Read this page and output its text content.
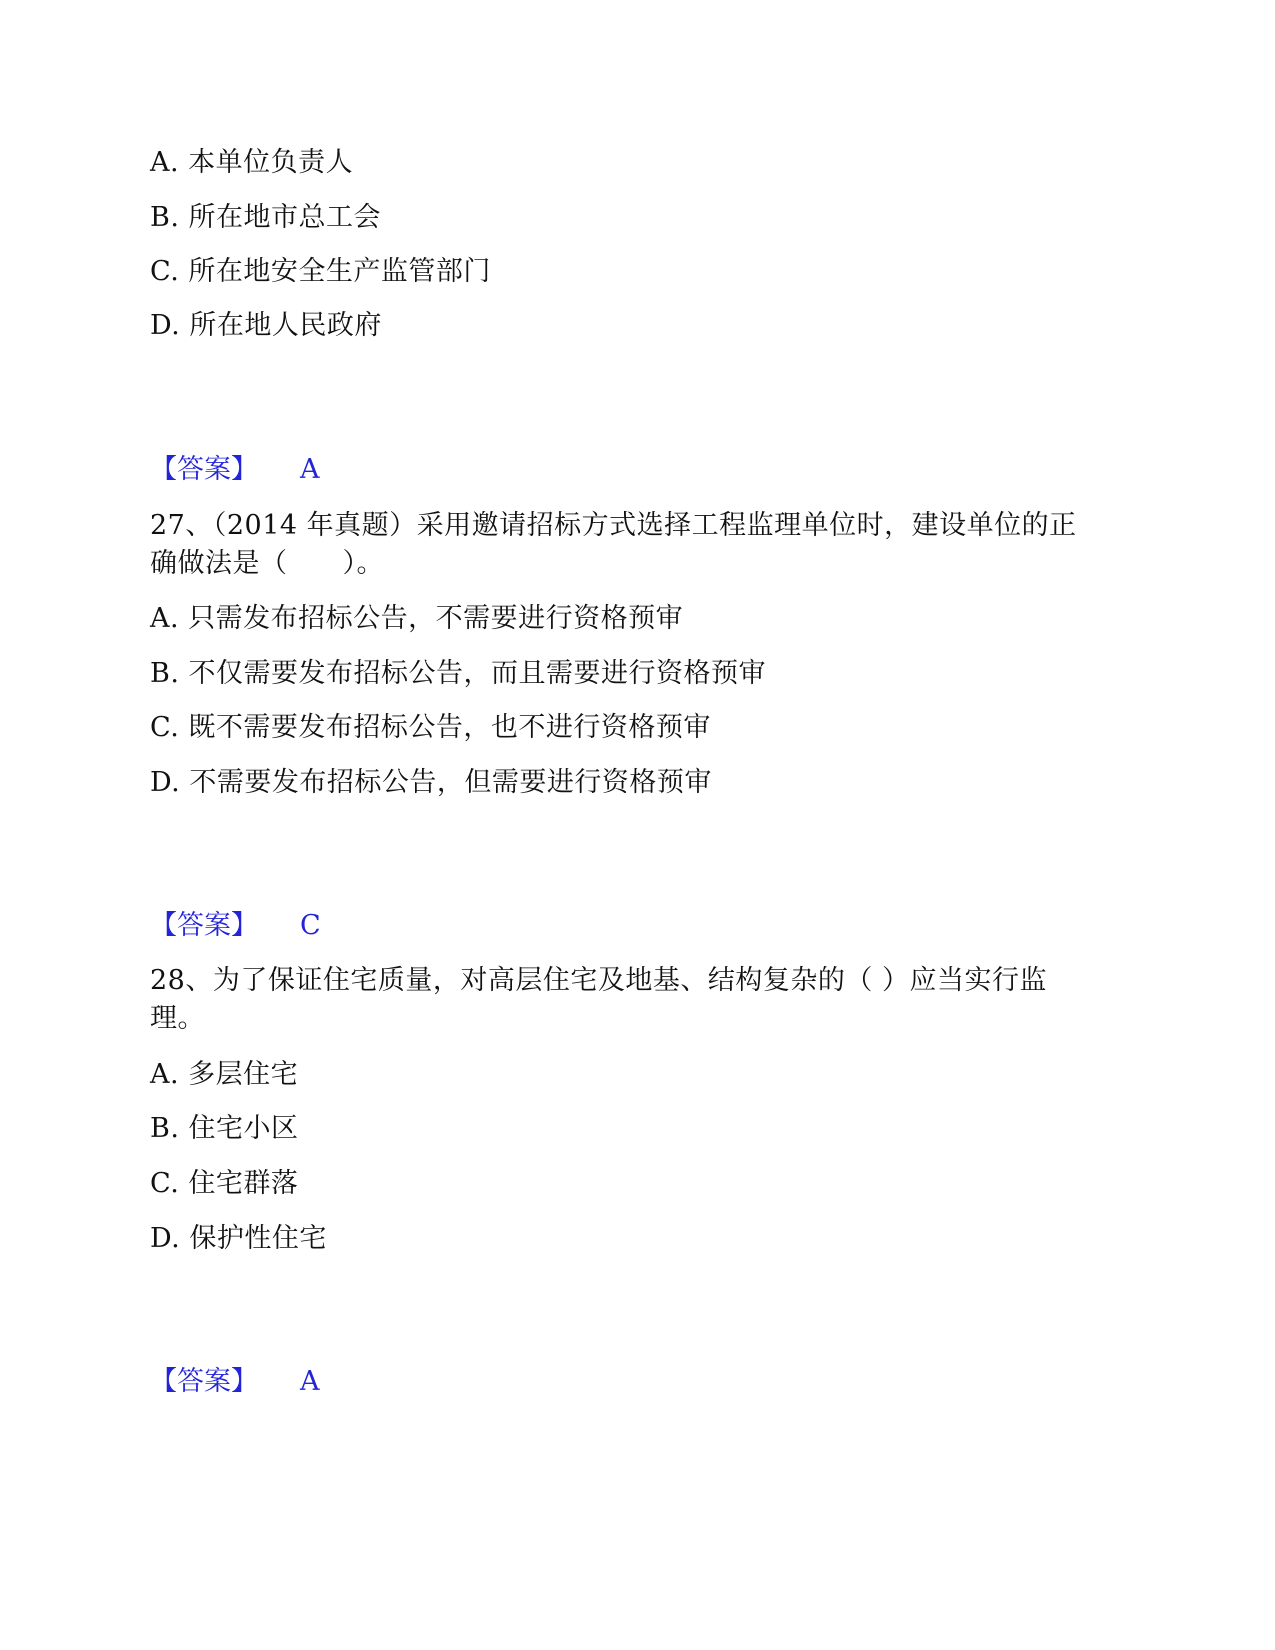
A. 本单位负责人
B. 所在地市总工会
C. 所在地安全生产监管部门
D. 所在地人民政府
【答案】 A
27、（2014 年真题）采用邀请招标方式选择工程监理单位时，建设单位的正
确做法是（　　）。
A. 只需发布招标公告，不需要进行资格预审
B. 不仅需要发布招标公告，而且需要进行资格预审
C. 既不需要发布招标公告，也不进行资格预审
D. 不需要发布招标公告，但需要进行资格预审
【答案】 C
28、为了保证住宅质量，对高层住宅及地基、结构复杂的（ ）应当实行监
理。
A. 多层住宅
B. 住宅小区
C. 住宅群落
D. 保护性住宅
【答案】 A
